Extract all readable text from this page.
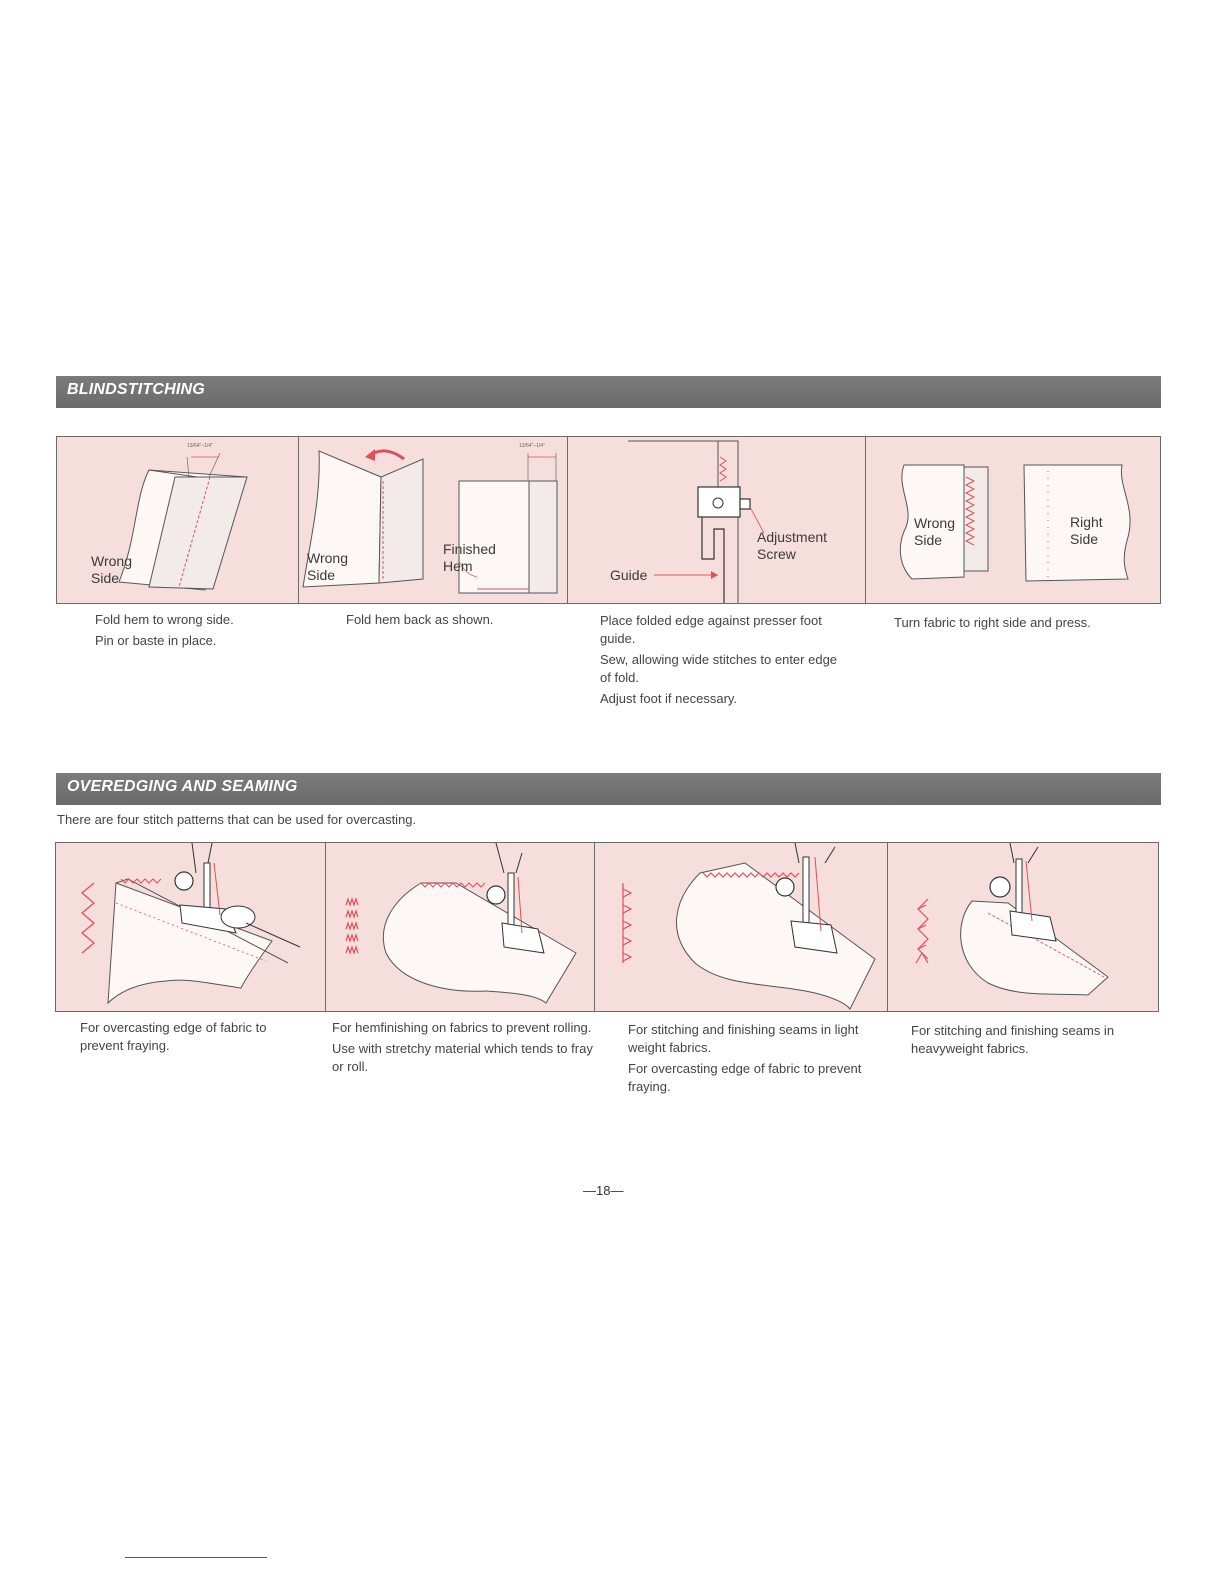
BLINDSTITCHING
13/64"–1/4"
Wrong
Side
13/64"–1/4"
Wrong
Side
Finished
Hem
Adjustment
Screw
Guide
Wrong
Side
Right
Side

Fold hem to wrong side.

Pin or baste in place.

Fold hem back as shown.	Place folded edge against presser foot guide.

Sew, allowing wide stitches to enter edge of fold.

Adjust foot if necessary.

Turn fabric to right side and press.

OVEREDGING AND SEAMING
There are four stitch patterns that can be used for overcasting.

For overcasting edge of fabric to prevent fraying.

For hemfinishing on fabrics to prevent rolling.

Use with stretchy material which tends to fray or roll.

For stitching and finishing seams in light weight fabrics.

For overcasting edge of fabric to prevent fraying.

For stitching and finishing seams in heavyweight fabrics.

—18—
